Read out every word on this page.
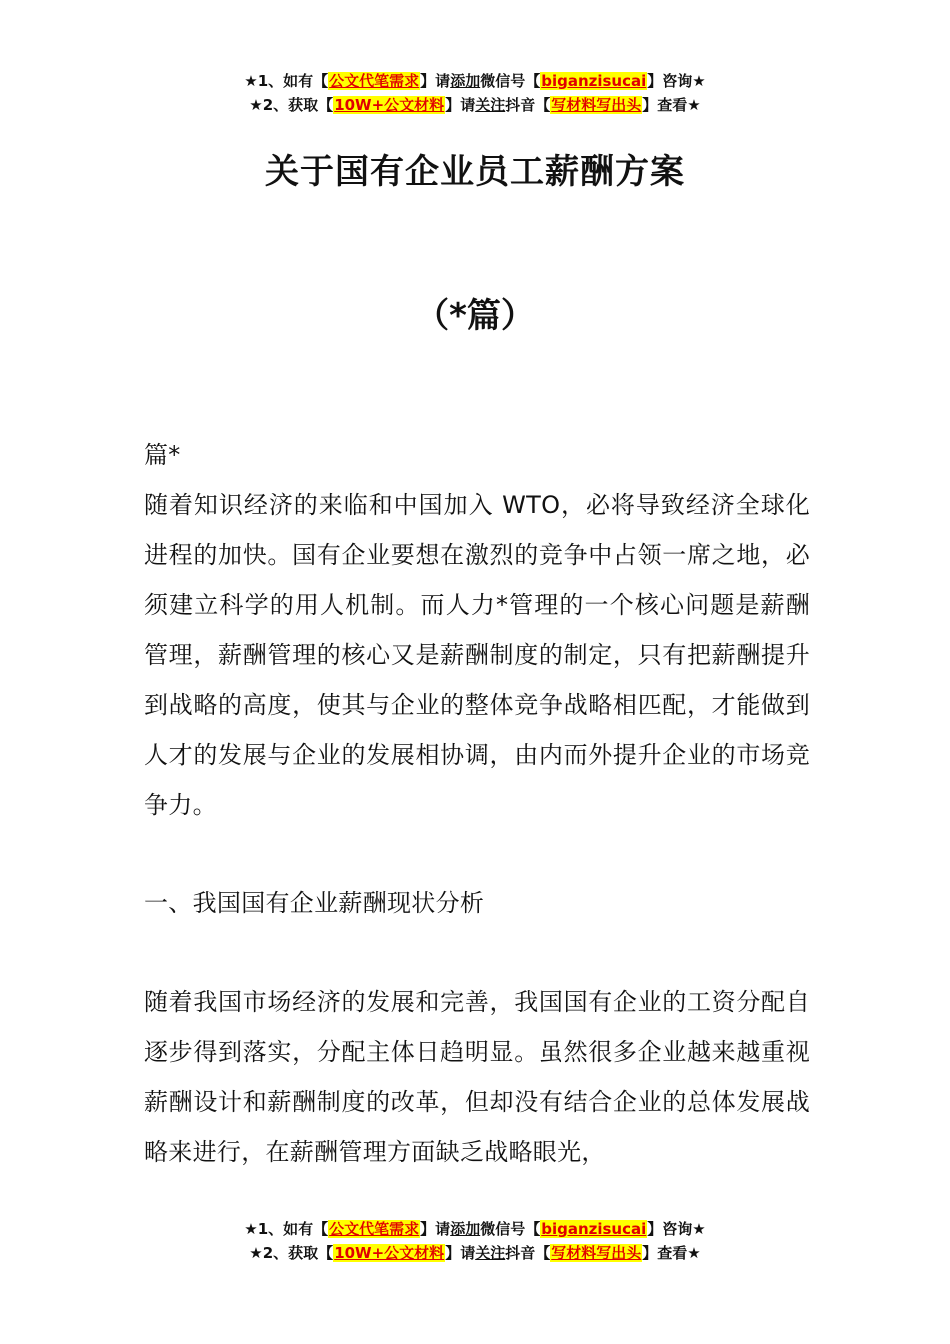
★1、如有【公文代笔需求】请添加微信号【biganzisucai】咨询★
★2、获取【10W+公文材料】请关注抖音【写材料写出头】查看★
关于国有企业员工薪酬方案
（*篇）

篇*

随着知识经济的来临和中国加入 WTO，必将导致经济全球化进程的加快。国有企业要想在激烈的竞争中占领一席之地，必须建立科学的用人机制。而人力*管理的一个核心问题是薪酬管理，薪酬管理的核心又是薪酬制度的制定，只有把薪酬提升到战略的高度，使其与企业的整体竞争战略相匹配，才能做到人才的发展与企业的发展相协调，由内而外提升企业的市场竞争力。

一、我国国有企业薪酬现状分析

随着我国市场经济的发展和完善，我国国有企业的工资分配自逐步得到落实，分配主体日趋明显。虽然很多企业越来越重视薪酬设计和薪酬制度的改革，但却没有结合企业的总体发展战略来进行，在薪酬管理方面缺乏战略眼光，

★1、如有【公文代笔需求】请添加微信号【biganzisucai】咨询★
★2、获取【10W+公文材料】请关注抖音【写材料写出头】查看★
